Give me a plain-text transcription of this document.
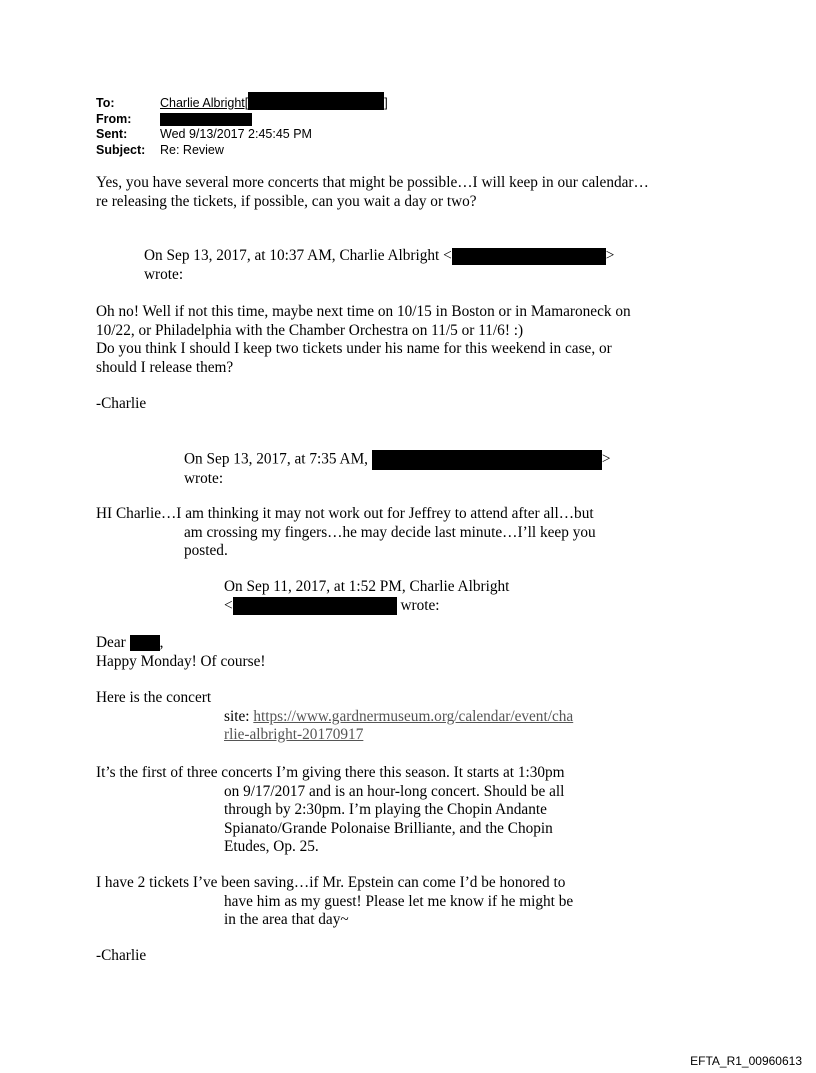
To:	Charlie Albright[	]
From:
Sent:	Wed 9/13/2017 2:45:45 PM
Subject:	Re: Review
Yes, you have several more concerts that might be possible…I will keep in our calendar…
re releasing the tickets, if possible, can you wait a day or two?
On Sep 13, 2017, at 10:37 AM, Charlie Albright <	>
wrote:
Oh no! Well if not this time, maybe next time on 10/15 in Boston or in Mamaroneck on
10/22, or Philadelphia with the Chamber Orchestra on 11/5 or 11/6! :)
Do you think I should I keep two tickets under his name for this weekend in case, or
should I release them?
-Charlie
On Sep 13, 2017, at 7:35 AM,	>
wrote:
HI Charlie…I am thinking it may not work out for Jeffrey to attend after all…but
am crossing my fingers…he may decide last minute…I’ll keep you
posted.
On Sep 11, 2017, at 1:52 PM, Charlie Albright
<	wrote:
Dear ,
Happy Monday! Of course!
Here is the concert
site: https://www.gardnermuseum.org/calendar/event/cha
rlie-albright-20170917
It’s the first of three concerts I’m giving there this season. It starts at 1:30pm
on 9/17/2017 and is an hour-long concert. Should be all
through by 2:30pm. I’m playing the Chopin Andante
Spianato/Grande Polonaise Brilliante, and the Chopin
Etudes, Op. 25.
I have 2 tickets I’ve been saving…if Mr. Epstein can come I’d be honored to
have him as my guest! Please let me know if he might be
in the area that day~
-Charlie
EFTA_R1_00960613
